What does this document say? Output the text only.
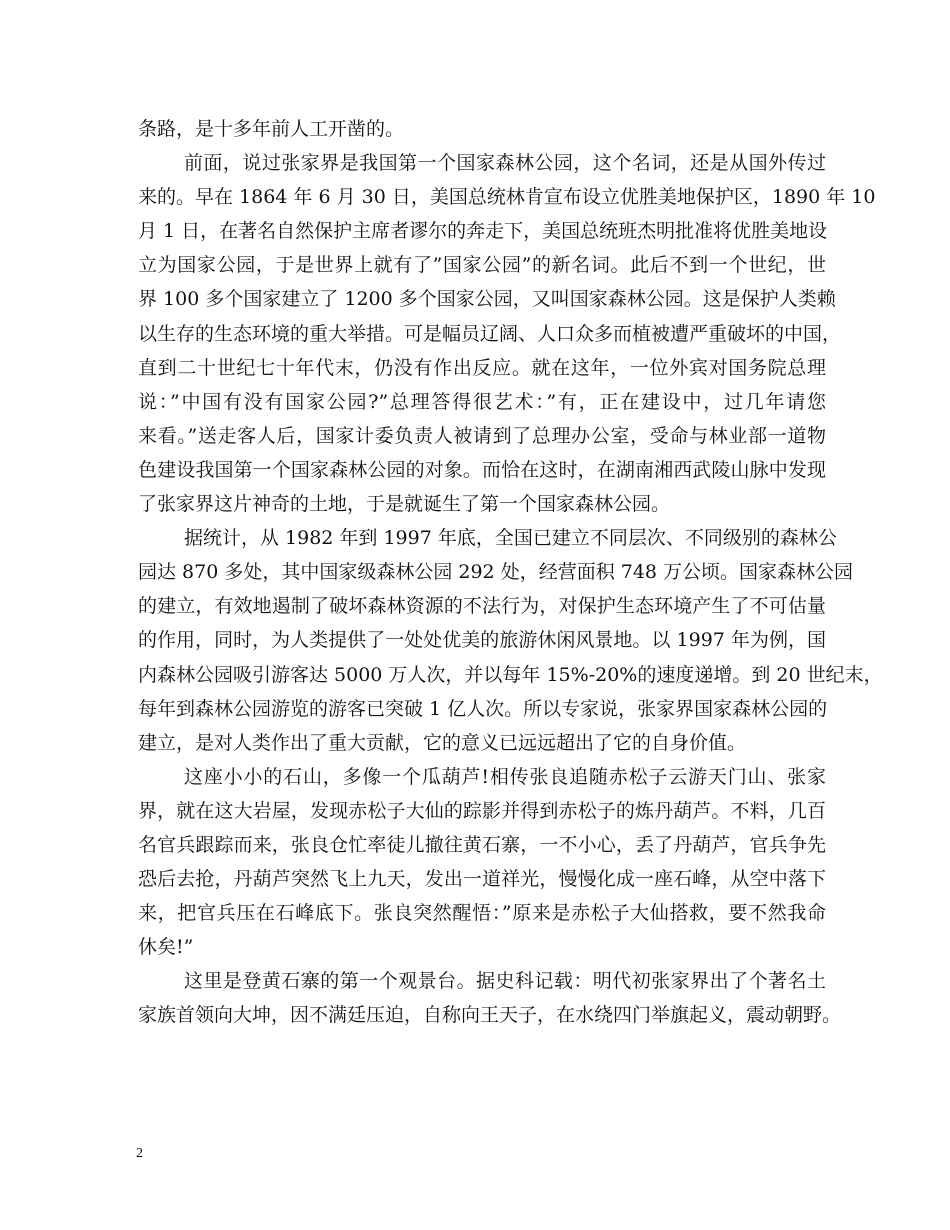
条路，是十多年前人工开凿的。
前面，说过张家界是我国第一个国家森林公园，这个名词，还是从国外传过
来的。早在 1864 年 6 月 30 日，美国总统林肯宣布设立优胜美地保护区，1890 年 10
月 1 日，在著名自然保护主席者谬尔的奔走下，美国总统班杰明批准将优胜美地设
立为国家公园，于是世界上就有了”国家公园”的新名词。此后不到一个世纪，世
界 100 多个国家建立了 1200 多个国家公园，又叫国家森林公园。这是保护人类赖
以生存的生态环境的重大举措。可是幅员辽阔、人口众多而植被遭严重破坏的中国，
直到二十世纪七十年代末，仍没有作出反应。就在这年，一位外宾对国务院总理
说：”中国有没有国家公园?”总理答得很艺术：”有，正在建设中，过几年请您
来看。”送走客人后，国家计委负责人被请到了总理办公室，受命与林业部一道物
色建设我国第一个国家森林公园的对象。而恰在这时，在湖南湘西武陵山脉中发现
了张家界这片神奇的土地，于是就诞生了第一个国家森林公园。
据统计，从 1982 年到 1997 年底，全国已建立不同层次、不同级别的森林公
园达 870 多处，其中国家级森林公园 292 处，经营面积 748 万公顷。国家森林公园
的建立，有效地遏制了破坏森林资源的不法行为，对保护生态环境产生了不可估量
的作用，同时，为人类提供了一处处优美的旅游休闲风景地。以 1997 年为例，国
内森林公园吸引游客达 5000 万人次，并以每年 15%-20%的速度递增。到 20 世纪末，
每年到森林公园游览的游客已突破 1 亿人次。所以专家说，张家界国家森林公园的
建立，是对人类作出了重大贡献，它的意义已远远超出了它的自身价值。
这座小小的石山，多像一个瓜葫芦!相传张良追随赤松子云游天门山、张家
界，就在这大岩屋，发现赤松子大仙的踪影并得到赤松子的炼丹葫芦。不料，几百
名官兵跟踪而来，张良仓忙率徒儿撤往黄石寨，一不小心，丢了丹葫芦，官兵争先
恐后去抢，丹葫芦突然飞上九天，发出一道祥光，慢慢化成一座石峰，从空中落下
来，把官兵压在石峰底下。张良突然醒悟：”原来是赤松子大仙搭救，要不然我命
休矣!”
这里是登黄石寨的第一个观景台。据史科记载：明代初张家界出了个著名土
家族首领向大坤，因不满廷压迫，自称向王天子，在水绕四门举旗起义，震动朝野。
2
